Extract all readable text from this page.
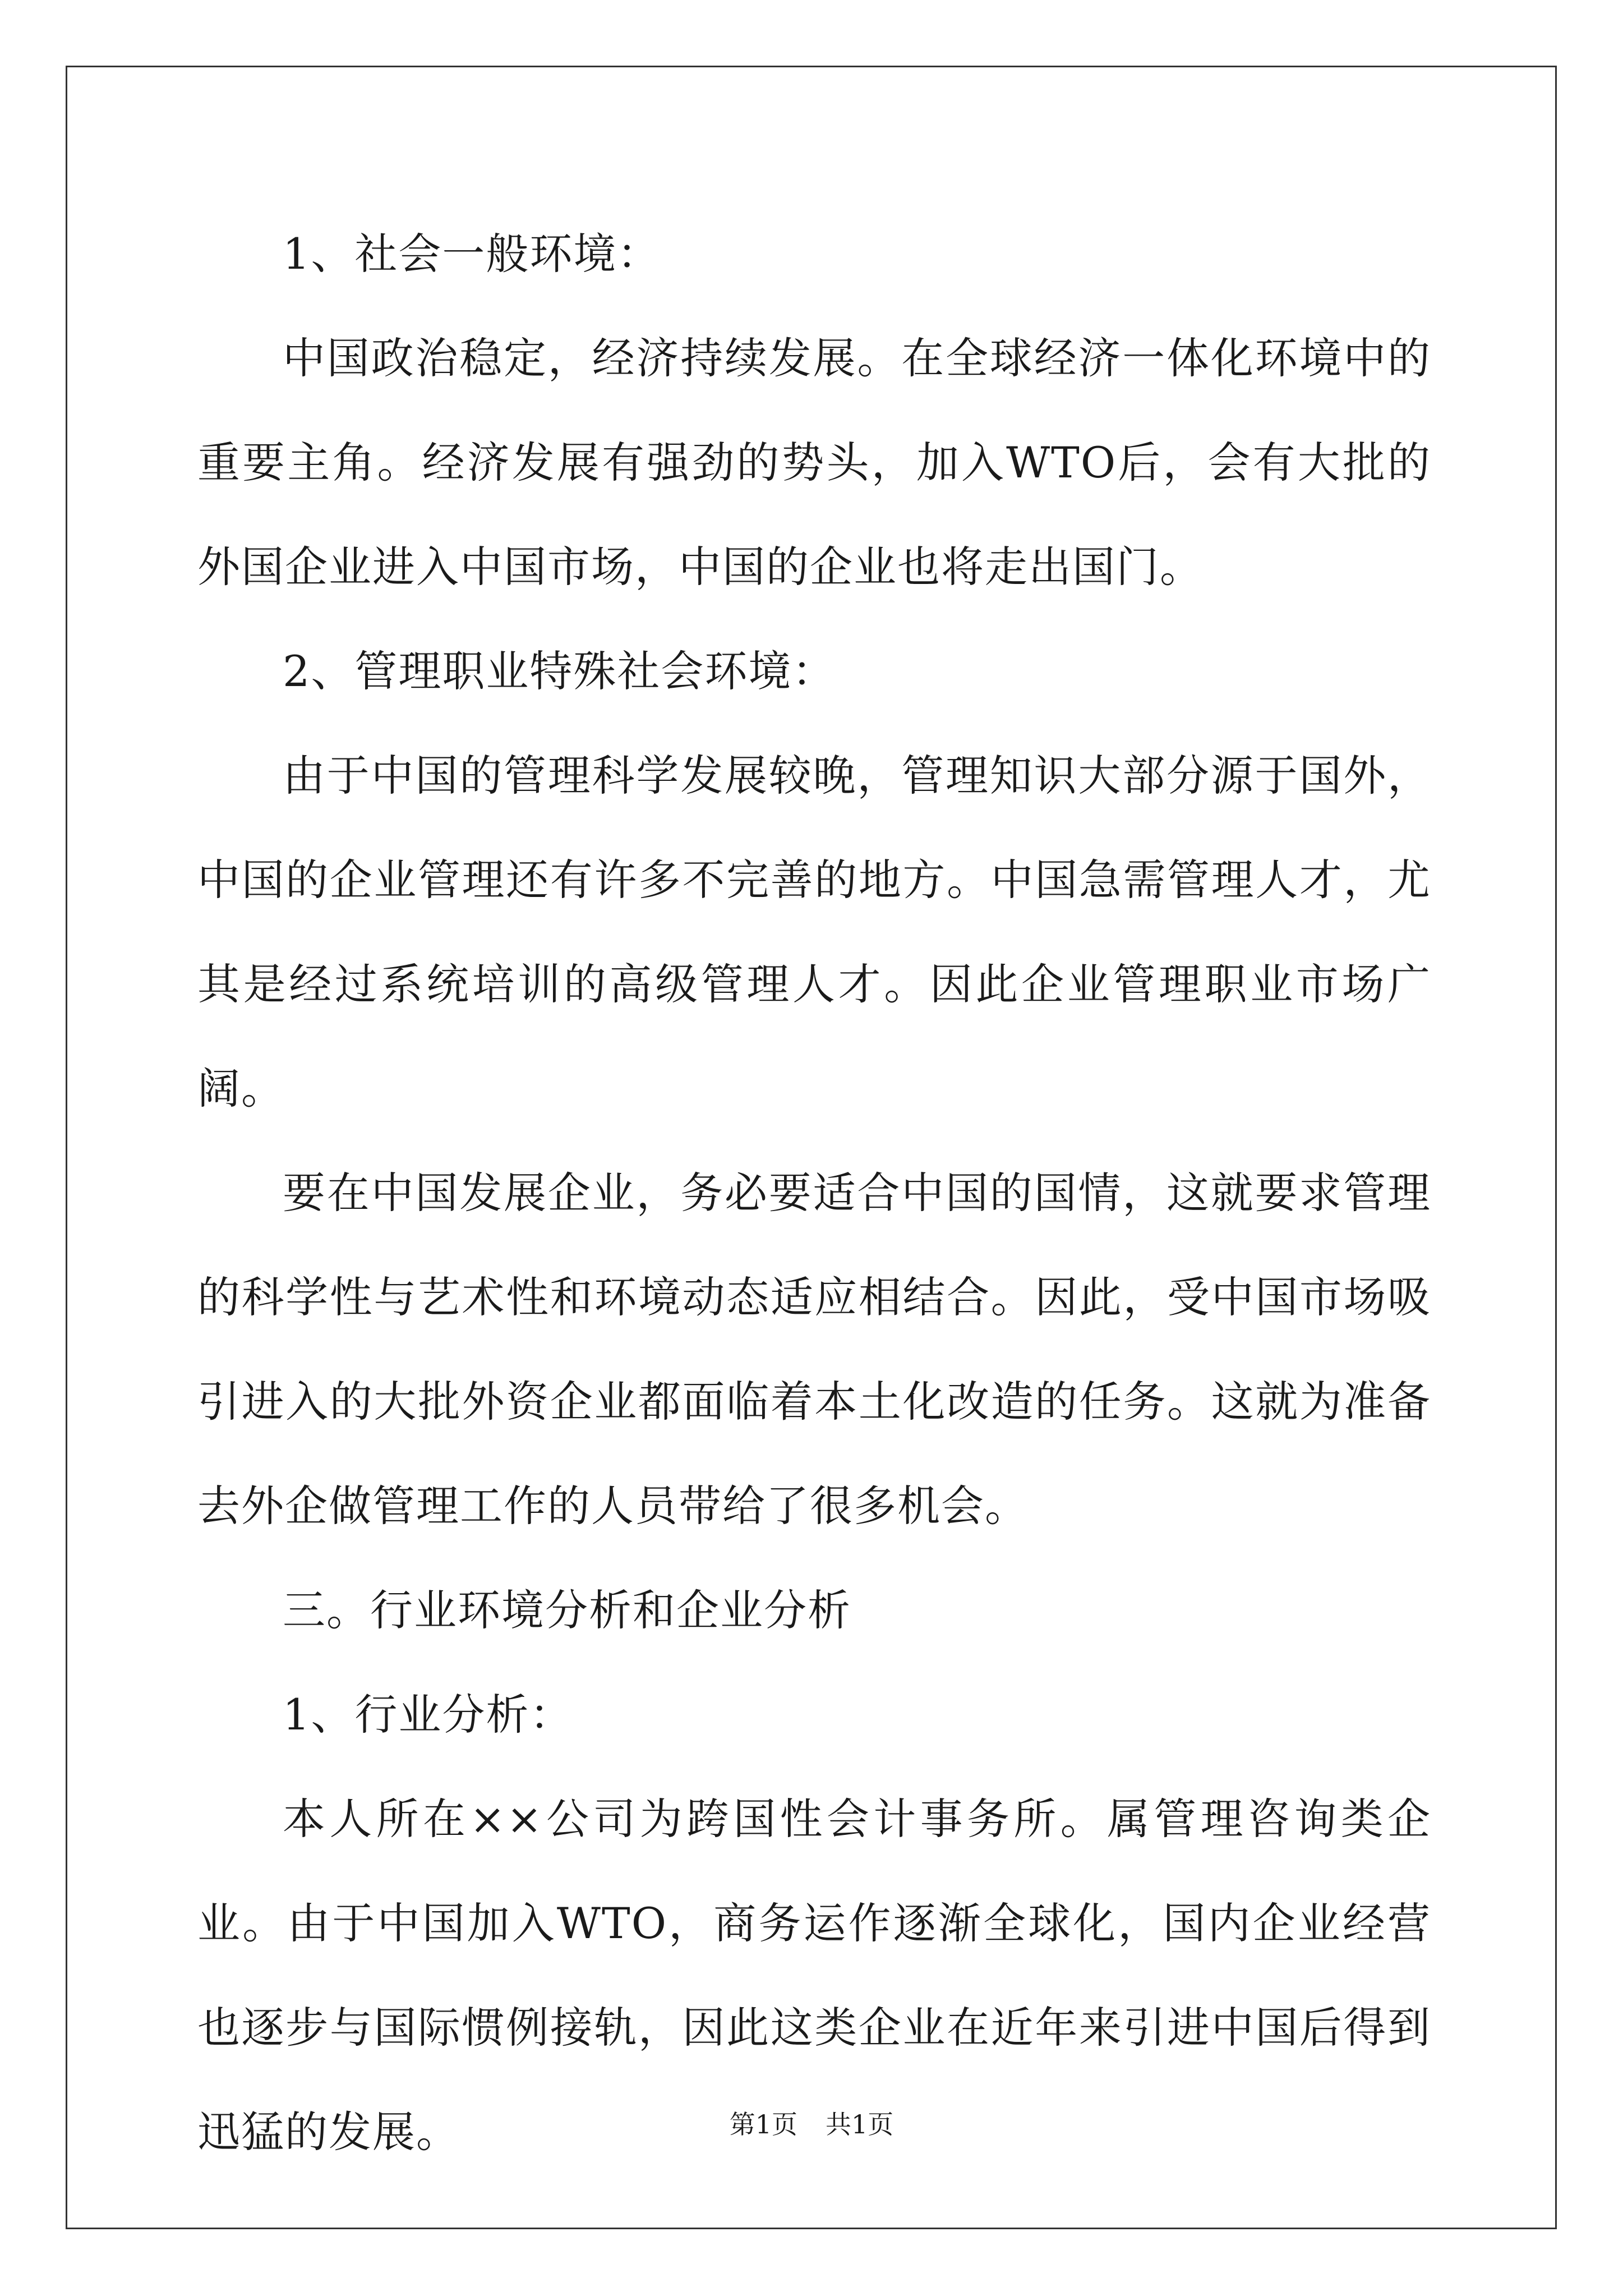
1、社会一般环境：

中国政治稳定，经济持续发展。在全球经济一体化环境中的重要主角。经济发展有强劲的势头，加入WTO后，会有大批的外国企业进入中国市场，中国的企业也将走出国门。

2、管理职业特殊社会环境：

由于中国的管理科学发展较晚，管理知识大部分源于国外，中国的企业管理还有许多不完善的地方。中国急需管理人才，尤其是经过系统培训的高级管理人才。因此企业管理职业市场广阔。

要在中国发展企业，务必要适合中国的国情，这就要求管理的科学性与艺术性和环境动态适应相结合。因此，受中国市场吸引进入的大批外资企业都面临着本土化改造的任务。这就为准备去外企做管理工作的人员带给了很多机会。

三。行业环境分析和企业分析

1、行业分析：

本人所在××公司为跨国性会计事务所。属管理咨询类企业。由于中国加入WTO，商务运作逐渐全球化，国内企业经营也逐步与国际惯例接轨，因此这类企业在近年来引进中国后得到迅猛的发展。	第1页 共1页
